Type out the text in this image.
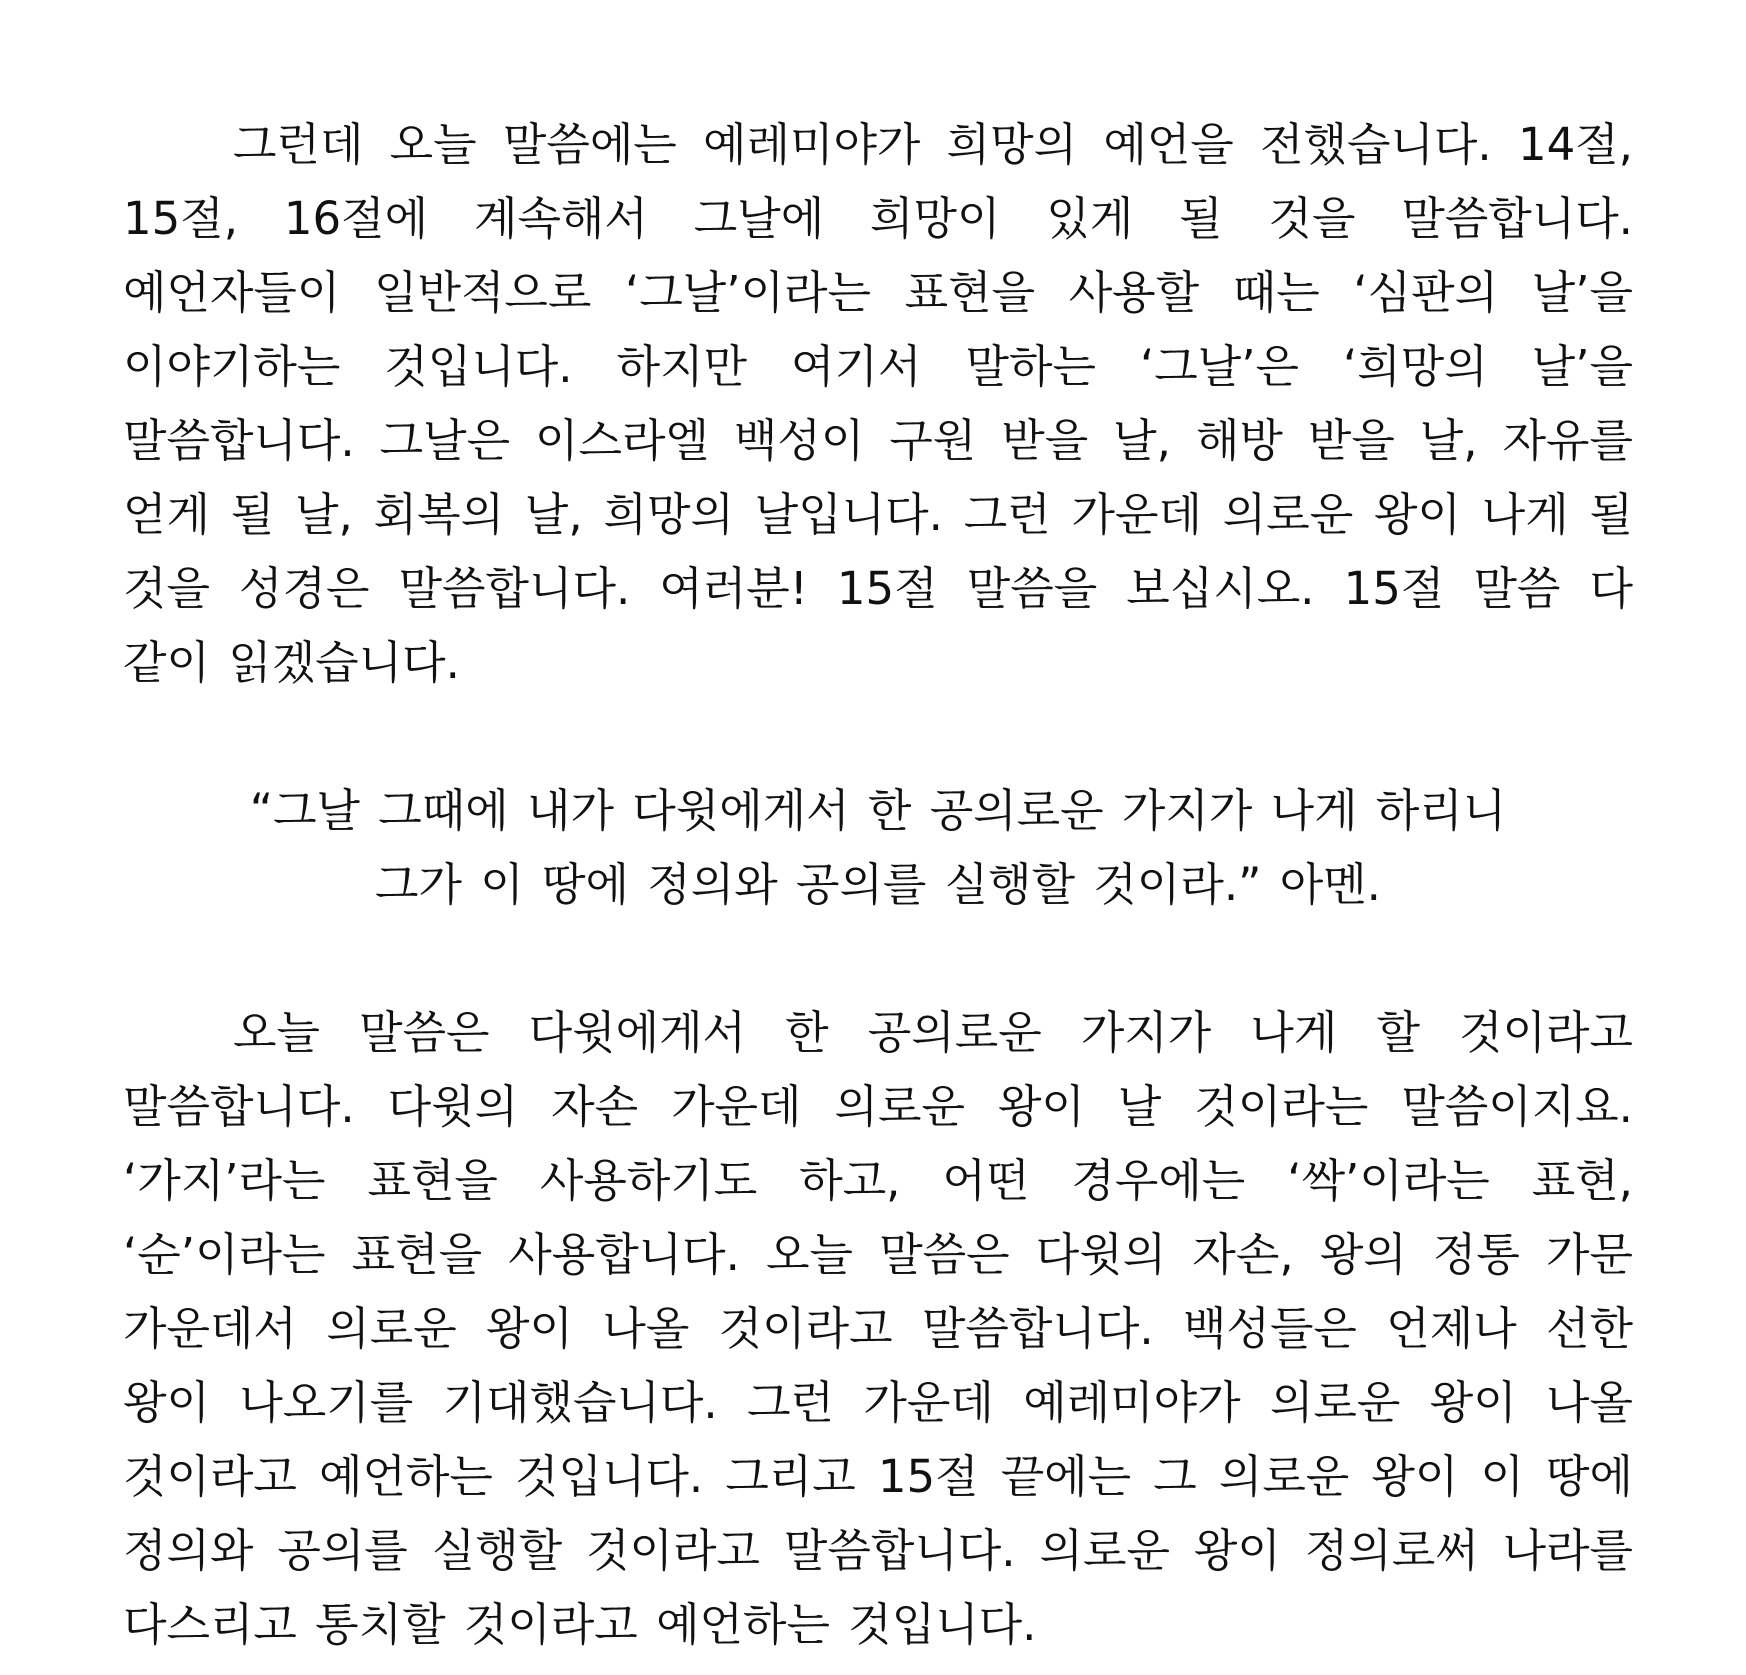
그런데 오늘 말씀에는 예레미야가 희망의 예언을 전했습니다. 14절, 15절, 16절에 계속해서 그날에 희망이 있게 될 것을 말씀합니다. 예언자들이 일반적으로 ‘그날’이라는 표현을 사용할 때는 ‘심판의 날’을 이야기하는 것입니다. 하지만 여기서 말하는 ‘그날’은 ‘희망의 날’을 말씀합니다. 그날은 이스라엘 백성이 구원 받을 날, 해방 받을 날, 자유를 얻게 될 날, 회복의 날, 희망의 날입니다. 그런 가운데 의로운 왕이 나게 될 것을 성경은 말씀합니다. 여러분! 15절 말씀을 보십시오. 15절 말씀 다 같이 읽겠습니다.

“그날 그때에 내가 다윗에게서 한 공의로운 가지가 나게 하리니
그가 이 땅에 정의와 공의를 실행할 것이라.” 아멘.

오늘 말씀은 다윗에게서 한 공의로운 가지가 나게 할 것이라고 말씀합니다. 다윗의 자손 가운데 의로운 왕이 날 것이라는 말씀이지요. ‘가지’라는 표현을 사용하기도 하고, 어떤 경우에는 ‘싹’이라는 표현, ‘순’이라는 표현을 사용합니다. 오늘 말씀은 다윗의 자손, 왕의 정통 가문 가운데서 의로운 왕이 나올 것이라고 말씀합니다. 백성들은 언제나 선한 왕이 나오기를 기대했습니다. 그런 가운데 예레미야가 의로운 왕이 나올 것이라고 예언하는 것입니다. 그리고 15절 끝에는 그 의로운 왕이 이 땅에 정의와 공의를 실행할 것이라고 말씀합니다. 의로운 왕이 정의로써 나라를 다스리고 통치할 것이라고 예언하는 것입니다.
